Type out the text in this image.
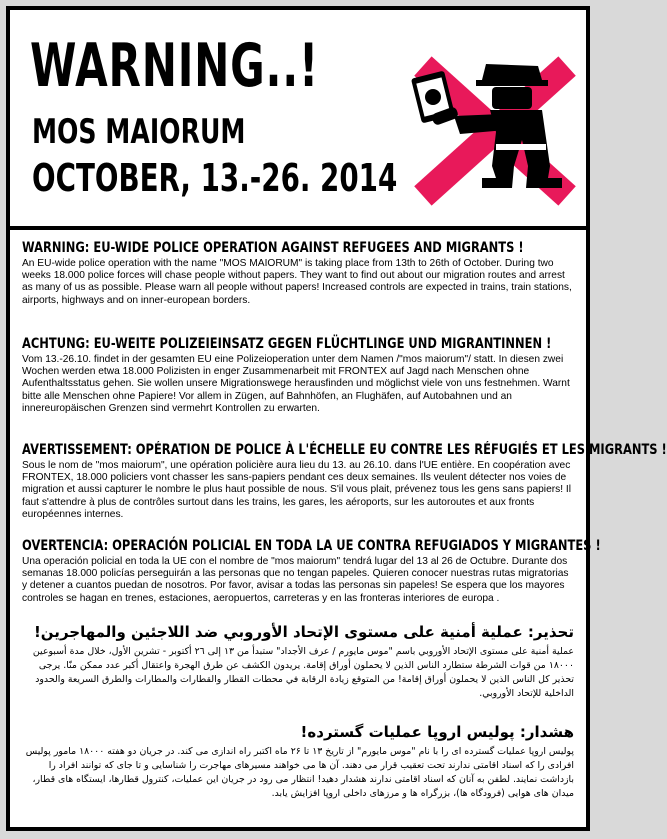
WARNING..!
MOS MAIORUM
OCTOBER, 13.-26. 2014
WARNING: EU-WIDE POLICE OPERATION AGAINST REFUGEES AND MIGRANTS !

An EU-wide police operation with the name "MOS MAIORUM" is taking place from 13th to 26th of October. During two weeks 18.000 police forces will chase people without papers. They want to find out about our migration routes and arrest as many of us as possible. Please warn all people without papers! Increased controls are expected in trains, train stations, airports, highways and on inner-european borders.

ACHTUNG: EU-WEITE POLIZEIEINSATZ GEGEN FLÜCHTLINGE UND MIGRANTINNEN !

Vom 13.-26.10. findet in der gesamten EU eine Polizeioperation unter dem Namen /"mos maiorum"/ statt. In diesen zwei Wochen werden etwa 18.000 Polizisten in enger Zusammenarbeit mit FRONTEX auf Jagd nach Menschen ohne Aufenthaltsstatus gehen. Sie wollen unsere Migrationswege herausfinden und möglichst viele von uns festnehmen. Warnt bitte alle Menschen ohne Papiere! Vor allem in Zügen, auf Bahnhöfen, an Flughäfen, auf Autobahnen und an innereuropäischen Grenzen sind vermehrt Kontrollen zu erwarten.

AVERTISSEMENT: OPÉRATION DE POLICE À L'ÉCHELLE EU CONTRE LES RÉFUGIÉS ET LES MIGRANTS !

Sous le nom de "mos maiorum", une opération policière aura lieu du 13. au 26.10. dans l'UE entière. En coopération avec FRONTEX, 18.000 policiers vont chasser les sans-papiers pendant ces deux semaines. Ils veulent détecter nos voies de migration et aussi capturer le nombre le plus haut possible de nous. S'il vous plait, prévenez tous les gens sans papiers! Il faut s'attendre à plus de contrôles surtout dans les trains, les gares, les aéroports, sur les autoroutes et aux fronts européennes internes.

OVERTENCIA: OPERACIÓN POLICIAL EN TODA LA UE CONTRA REFUGIADOS Y MIGRANTES !

Una operación policial en toda la UE con el nombre de "mos maiorum" tendrá lugar del 13 al 26 de Octubre. Durante dos semanas 18.000 policías perseguirán a las personas que no tengan papeles. Quieren conocer nuestras rutas migratorias y detener a cuantos puedan de nosotros. Por favor, avisar a todas las personas sin papeles! Se espera que los mayores controles se hagan en trenes, estaciones, aeropuertos, carreteras y en las fronteras interiores de europa .

تحذير: عملية أمنية على مستوى الإتحاد الأوروبي ضد اللاجئين والمهاجرين!

عملية أمنية على مستوى الإتحاد الأوروبي باسم "موس مايورم / عرف الأجداد" ستبدأ من ١٣ إلى ٢٦ أكتوبر - تشرين الأول، خلال مدة أسبوعين ١٨٠٠٠ من قوات الشرطة ستطارد الناس الذين لا يحملون أوراق إقامة. يريدون الكشف عن طرق الهجرة واعتقال أكبر عدد ممكن منّا. يرجى تحذير كل الناس الذين لا يحملون أوراق إقامة! من المتوقع زيادة الرقابة في محطات القطار والقطارات والمطارات والطرق السريعة والحدود الداخلية للإتحاد الأوروبي.

هشدار: پولیس اروپا عملیات گسترده!

پولیس اروپا عملیات گسترده ای را با نام "موس مایورم" از تاریخ ۱۳ تا ۲۶ ماه اکتبر راه اندازی می کند. در جریان دو هفته ۱۸۰۰۰ مامور پولیس افرادی را که اسناد اقامتی ندارند تحت تعقیب قرار می دهند. آن ها می خواهند مسیرهای مهاجرت را شناسایی و تا جای که توانند افراد را بازداشت نمایند. لطفن به آنان که اسناد اقامتی ندارند هشدار دهید! انتظار می رود در جریان این عملیات، کنترول قطارها، ایستگاه های قطار، میدان های هوایی (فرودگاه ها)، بزرگراه ها و مرزهای داخلی اروپا افزایش یابد.
